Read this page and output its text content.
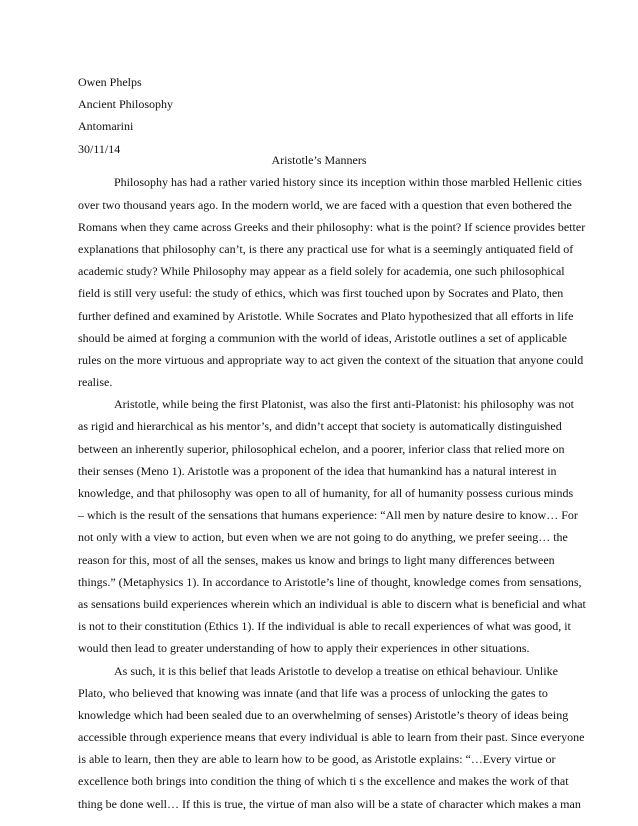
Owen Phelps
Ancient Philosophy
Antomarini
30/11/14
Aristotle’s Manners
Philosophy has had a rather varied history since its inception within those marbled Hellenic cities
over two thousand years ago. In the modern world, we are faced with a question that even bothered the
Romans when they came across Greeks and their philosophy: what is the point? If science provides better
explanations that philosophy can’t, is there any practical use for what is a seemingly antiquated field of
academic study? While Philosophy may appear as a field solely for academia, one such philosophical
field is still very useful: the study of ethics, which was first touched upon by Socrates and Plato, then
further defined and examined by Aristotle. While Socrates and Plato hypothesized that all efforts in life
should be aimed at forging a communion with the world of ideas, Aristotle outlines a set of applicable
rules on the more virtuous and appropriate way to act given the context of the situation that anyone could
realise.
Aristotle, while being the first Platonist, was also the first anti-Platonist: his philosophy was not
as rigid and hierarchical as his mentor’s, and didn’t accept that society is automatically distinguished
between an inherently superior, philosophical echelon, and a poorer, inferior class that relied more on
their senses (Meno 1). Aristotle was a proponent of the idea that humankind has a natural interest in
knowledge, and that philosophy was open to all of humanity, for all of humanity possess curious minds
– which is the result of the sensations that humans experience: “All men by nature desire to know… For
not only with a view to action, but even when we are not going to do anything, we prefer seeing… the
reason for this, most of all the senses, makes us know and brings to light many differences between
things.” (Metaphysics 1). In accordance to Aristotle’s line of thought, knowledge comes from sensations,
as sensations build experiences wherein which an individual is able to discern what is beneficial and what
is not to their constitution (Ethics 1). If the individual is able to recall experiences of what was good, it
would then lead to greater understanding of how to apply their experiences in other situations.
As such, it is this belief that leads Aristotle to develop a treatise on ethical behaviour. Unlike
Plato, who believed that knowing was innate (and that life was a process of unlocking the gates to
knowledge which had been sealed due to an overwhelming of senses) Aristotle’s theory of ideas being
accessible through experience means that every individual is able to learn from their past. Since everyone
is able to learn, then they are able to learn how to be good, as Aristotle explains: “…Every virtue or
excellence both brings into condition the thing of which ti s the excellence and makes the work of that
thing be done well… If this is true, the virtue of man also will be a state of character which makes a man
